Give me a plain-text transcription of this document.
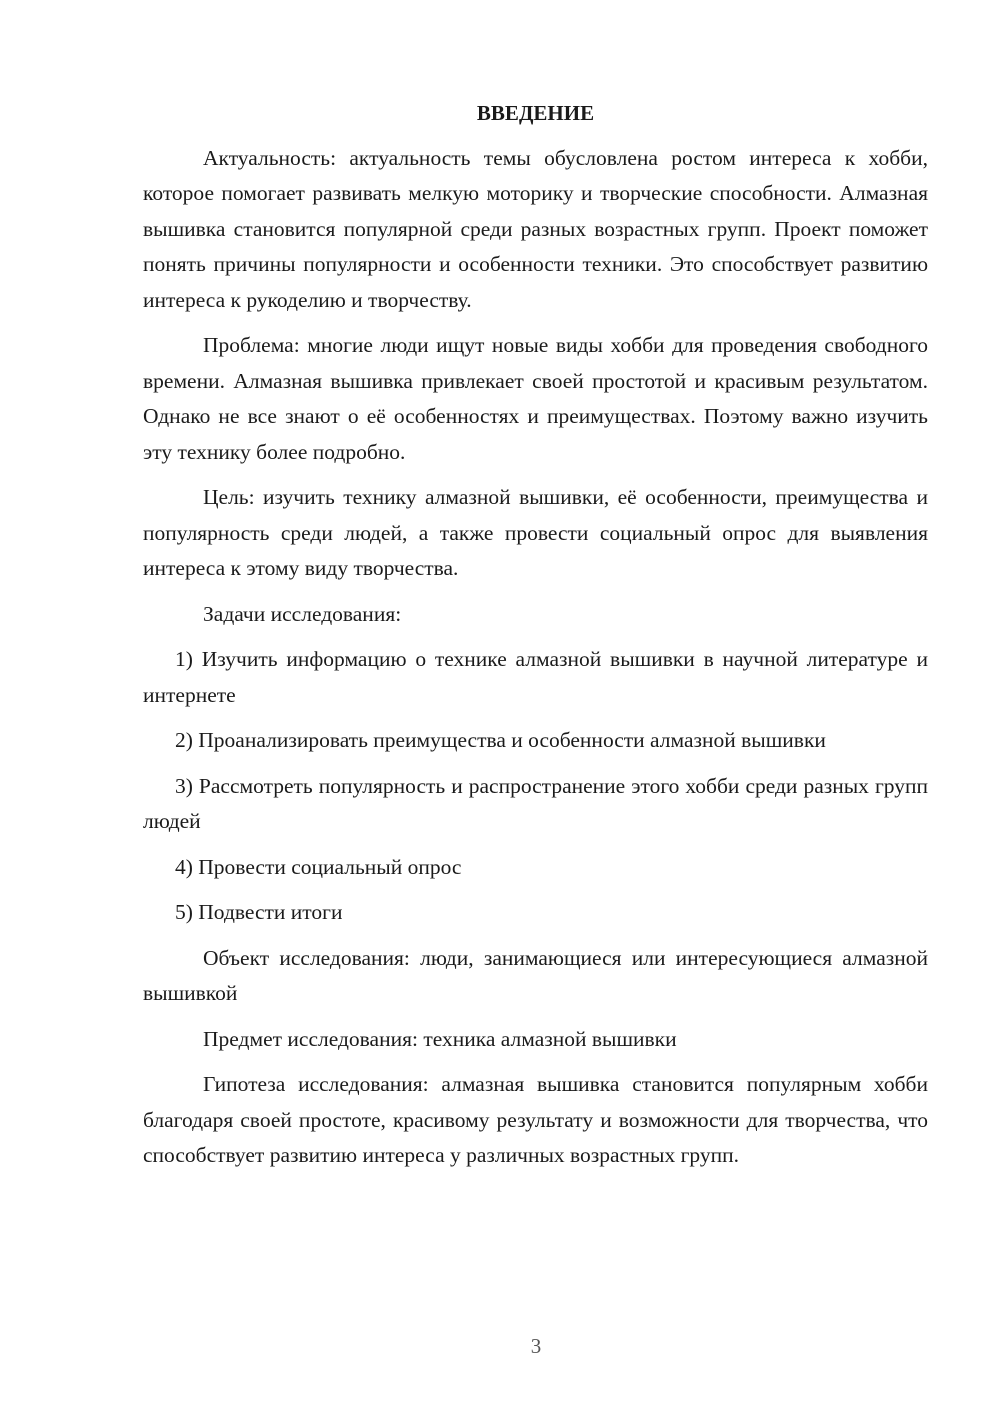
ВВЕДЕНИЕ

Актуальность: актуальность темы обусловлена ростом интереса к хобби, которое помогает развивать мелкую моторику и творческие способности. Алмазная вышивка становится популярной среди разных возрастных групп. Проект поможет понять причины популярности и особенности техники. Это способствует развитию интереса к рукоделию и творчеству.

Проблема: многие люди ищут новые виды хобби для проведения свободного времени. Алмазная вышивка привлекает своей простотой и красивым результатом. Однако не все знают о её особенностях и преимуществах. Поэтому важно изучить эту технику более подробно.

Цель: изучить технику алмазной вышивки, её особенности, преимущества и популярность среди людей, а также провести социальный опрос для выявления интереса к этому виду творчества.

Задачи исследования:

1) Изучить информацию о технике алмазной вышивки в научной литературе и интернете

2) Проанализировать преимущества и особенности алмазной вышивки

3) Рассмотреть популярность и распространение этого хобби среди разных групп людей

4) Провести социальный опрос

5) Подвести итоги

Объект исследования: люди, занимающиеся или интересующиеся алмазной вышивкой

Предмет исследования: техника алмазной вышивки

Гипотеза исследования: алмазная вышивка становится популярным хобби благодаря своей простоте, красивому результату и возможности для творчества, что способствует развитию интереса у различных возрастных групп.

3
